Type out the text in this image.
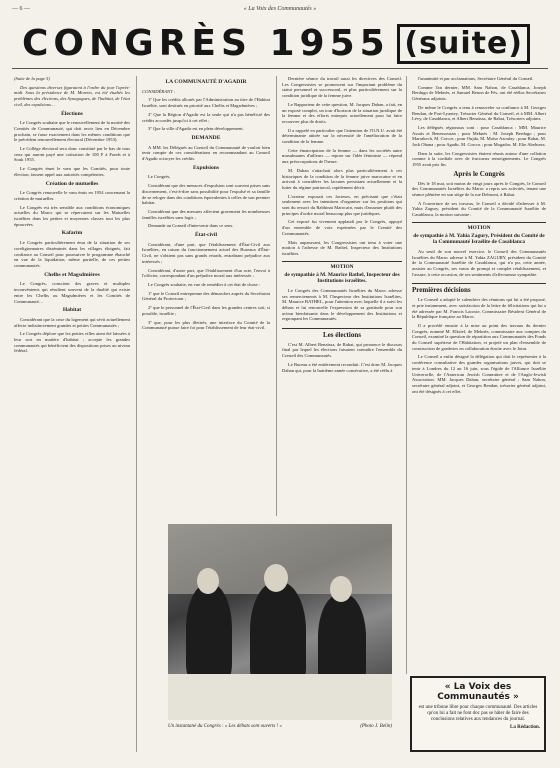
— 6 —	« La Voix des Communautés »
CONGRÈS 1955 (suite)

(Suite de la page 5)

Des questions diverses figuraient à l'ordre du jour l'après-midi. Sous la présidence de M. Moreno, est été étudiés les problèmes des élections, des Synagogues, de l'habitat, de l'état civil, des expulsions…

Élections

Le Congrès souhaite que le renouvellement de la moitié des Comités de Communauté, qui doit avoir lieu en Décembre prochain, se fasse exactement dans les mêmes conditions que le précédent renouvellement électoral (Décembre 1953).

Le Collège électoral sera donc constitué par le bas de tous ceux qui auront payé une cotisation de 100 F à Fonds et à Souk 1955.

Le Congrès émet le vœu que les Comités, pour toute élection, fassent appel aux autorités compétentes.

Création de mutuelles

Le Congrès renouvelle le vœu émis en 1954 concernant la création de mutuelles.

Le Congrès est très sensible aux conditions économiques actuelles du Maroc qui se répercutent sur les Mutuelles israélites dans les petites et moyennes classes tout les plus éprouvées.

Kafarim

Le Congrès particulièrement ému de la situation de ses coreligionnaires disséminés dans les villages éloignés, fait confiance au Conseil pour poursuivre le programme ébauché en vue de la liquidation, même partielle, de ces petites communautés.

Chelhs et Magsdmières

Le Congrès, conscient des graves et multiples inconvénients qui résultent souvent de la dualité qui existe entre les Chelhs ou Magsdmières et les Comités de Communauté…

Habitat

Considérant que la crise du logement qui sévit actuellement affecte indistinctement grandes et petites Communautés ;

Le Congrès déplore que les petites villes aient été laissées à leur sort en matière d'habitat ; accepte les grandes communautés qui bénéficient des dispositions prises au niveau fédéral.

LA COMMUNAUTÉ D'AGADIR

CONSIDÉRANT :

1º Que les crédits alloués par l'Administration au titre de l'Habitat Israélite, sont destinés en priorité aux Chelhs et Magsdmières ;

2º Que la Région d'Agadir est la seule qui n'a pas bénéficié des crédits accordés jusqu'ici à cet effet ;

3º Que la ville d'Agadir est en plein développement.

DEMANDE

A MM. les Délégués au Conseil du Communauté de vouloir bien tenir compte de ces considérations en recommandant au Conseil d'Agadir octroyer les crédits.

Expulsions

Le Congrès,

Considérant que des menaces d'expulsion sont souvent prises sans discernement, c'est-à-dire sans possibilité pour l'expulsé et sa famille de se reloger dans des conditions équivalentes à celles de son premier habitat.

Considérant que des mesures affectent gravement les nombreuses familles israélites sans logis ;

Demande au Conseil d'intervenir dans ce sens.

État-civil

Considérant, d'une part, que l'établissement d'État-Civil aux Israélites, en raison du fonctionnement actuel des Bureaux d'État-Civil, ne s'obtient pas sans grands retards, entraînant préjudice aux intéressés ;

Considérant, d'autre part, que l'établissement d'un acte, l'envoi à l'officier, correspondant d'un préjudice moral aux intéressés ;

Le Congrès souhaite, en vue de remédier à cet état de chose :

1º que le Conseil entreprenne des démarches auprès du Secrétariat Général du Protectorat ;

2º que le personnel de l'État-Civil dans les grandes centres soit, si possible, israélite ;

3º que, pour les plus illettrés, une interface du Comité de la Communauté puisse faire foi pour l'établissement de leur état-civil.

Dernière séance du travail aussi les directives des Conseil. Les Congressistes se prononcent sur l'important problème du statut personnel et successoral, et plus particulièrement sur la condition juridique de la femme juive.

Le Rapporteur de cette question, M. Jacques Dahan, a fait, en un exposé complet, un tour d'horizon de la situation juridique de la femme et des efforts entrepris actuellement pour lui faire recouvrer plus de droits.

Il a rappelé en particulier que l'attention de l'O.N.U. avait été déterminante attirée sur la nécessité de l'amélioration de la condition de la femme.

Cette émancipation de la femme — dans les sociétés autre musulmanes d'ailleurs — repose sur l'idée féministe — répond aux préoccupations de l'heure.

M. Dahan s'attachait alors plus particulièrement à ces historiques de la condition de la femme juive marocaine et en arrivait à considérer les lacunes persistant actuellement et la lutter du régime patriarcal, rapidement décrit.

L'orateur exposait ces facteurs, en précisant que c'était seulement avec les intentions d'organiser sur les positions qui sont du ressort du Rabbinat Marocain, mais d'assumer plutôt des principes d'ordre moral beaucoup plus que juridiques.

Cet exposé fut vivement applaudi par le Congrès, appuyé d'un ensemble de voix exprimées par le Comité des Communautés.

Mais auparavant, les Congressistes ont tenu à voter une motion à l'adresse de M. Bathel, Inspecteur des Institutions israélites.

MOTION
de sympathie à M. Maurice Bathel, Inspecteur des Institutions israélites.

Le Congrès des Communautés Israélites du Maroc adresse ses remerciements à M. l'Inspecteur des Institutions Israélites, M. Maurice BATHEL, pour l'attention avec laquelle il a suivi les débats et lui renouvelle l'expression de sa gratitude pour son action bienfaisante dans le développement des Institutions et regroupant les Communautés.

Les élections

C'est M. Albert Benaïssa, de Rabat, qui prononce le discours final par lequel les élections faisaient connaître l'ensemble du Conseil des Communautés.

Le Bureau a été entièrement reconduit. C'est donc M. Jacques Dahan qui, pour la huitième année consécutive, a été réélu à

l'unanimité et par acclamations, Secrétaire Général du Conseil.

Comme l'an dernier, MM. Sam Nahon, de Casablanca, Joseph Berdugo de Meknès, et Samuel Benon de Fès, ont été réélus Secrétaires Généraux adjoints.

De même le Congrès a tenu à renouveler sa confiance à M. Georges Bendan, de Port-Lyautey, Trésorier Général du Conseil, et à MM. Albert Lévy, de Casablanca, et Albert Benaïssa, de Rabat, Trésoriers adjoints.

Les délégués régionaux sont : pour Casablanca : MM. Maurice Assaïs et Benessousan ; pour Meknès : M. Joseph Berdugo ; pour Marrakech, M. Corcos ; pour Oujda, M. Moïse Azoulay ; pour Rabat, M. Jack Obana ; pour Agadir, M. Corcos ; pour Mogador, M. Elie Abehsera.

Dans la suite, les Congressistes étaient réunis autour d'une collation comme à la cordiale avec de fructueux renseignements. Le Congrès 1955 avait pris fin.

Après le Congrès

Dès le 18 mai, soit moins de vingt jours après le Congrès, le Conseil des Communautés Israélites du Maroc a repris ses activités, tenant une séance plénière en son siège de la rue Delmont, à Rabat.

A l'ouverture de ses travaux, le Conseil a décidé d'adresser à M. Yahia Zagury, président du Comité de la Communauté Israélite de Casablanca, la motion suivante :

MOTION
de sympathie à M. Yahia Zagury, Président du Comité de la Communauté Israélite de Casablanca

Au seuil de son nouvel exercice, le Conseil des Communautés Israélites du Maroc adresse à M. Yahia ZAGURY, président du Comité de la Communauté Israélite de Casablanca, qui n'a pu, cette année, assister au Congrès, ses vœux de prompt et complet rétablissement, et l'assure, à cette occasion, de ses sentiments d'affectueuse sympathie.

Premières décisions

Le Conseil a adopté le calendrier des réunions qui lui a été proposé, et prie instamment, avec satisfaction de la lettre de félicitations qui lui a été adressée par M. Francis Lacoste, Commissaire Résident Général de la République française au Maroc.

Il a procédé ensuite à la mise au point des travaux du dernier Congrès, nommé M. Elkrief, de Meknès, commissaire aux comptes du Conseil, examiné la question de répartition aux Communautés des Fonds du Conseil supérieur de l'Habitation, et projeté un plan d'ensemble de construction de garderies en collaboration étroite avec le Joint.

Le Conseil a enfin désigné la délégation qui doit le représenter à la conférence consultative des grandes organisations juives, qui doit se tenir à Londres du 12 au 16 juin, sous l'égide de l'Alliance Israélite Universelle, de l'American Jewish Committee et de l'Anglo-Jewish Association. MM. Jacques Dahan, secrétaire général ; Sam Nahon, secrétaire général adjoint, et Georges Bendan, trésorier général adjoint, ont été désignés à cet effet.

Un instantané du Congrès : « Les débats sont ouverts ! »	(Photo J. Belin)
« La Voix des Communautés »
est une tribune libre pour chaque communauté. Des articles qu'on lui a fait ne font doc pas se hâter de faire des conclusions relatives aux tendances du journal.
La Rédaction.
